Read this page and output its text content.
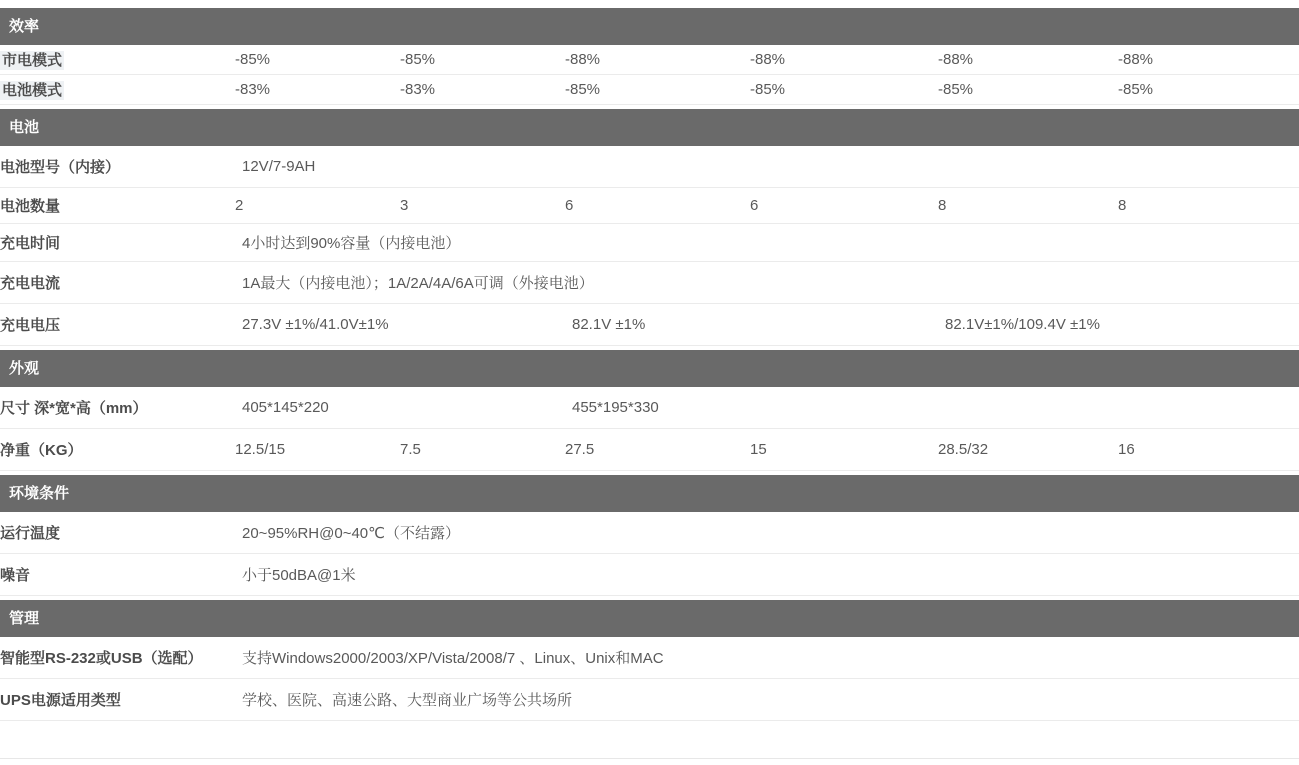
效率						

市电模式	-85%	-85%	-88%	-88%	-88%	-88%
电池模式	-83%	-83%	-85%	-85%	-85%	-85%

电池						

电池型号（内接）	12V/7-9AH					
电池数量	2	3	6	6	8	8
充电时间	4小时达到90%容量（内接电池）					
充电电流	1A最大（内接电池）；1A/2A/4A/6A可调（外接电池）					
充电电压	27.3V ±1%/41.0V±1%		82.1V ±1%		82.1V±1%/109.4V ±1%	

外观						

尺寸 深*宽*高（mm）	405*145*220		455*195*330			
净重（KG）	12.5/15	7.5	27.5	15	28.5/32	16

环境条件						

运行温度	20~95%RH@0~40℃（不结露）					
噪音	小于50dBA@1米					

管理						

智能型RS-232或USB（选配）	支持Windows2000/2003/XP/Vista/2008/7 、Linux、Unix和MAC					
UPS电源适用类型	学校、医院、高速公路、大型商业广场等公共场所					
